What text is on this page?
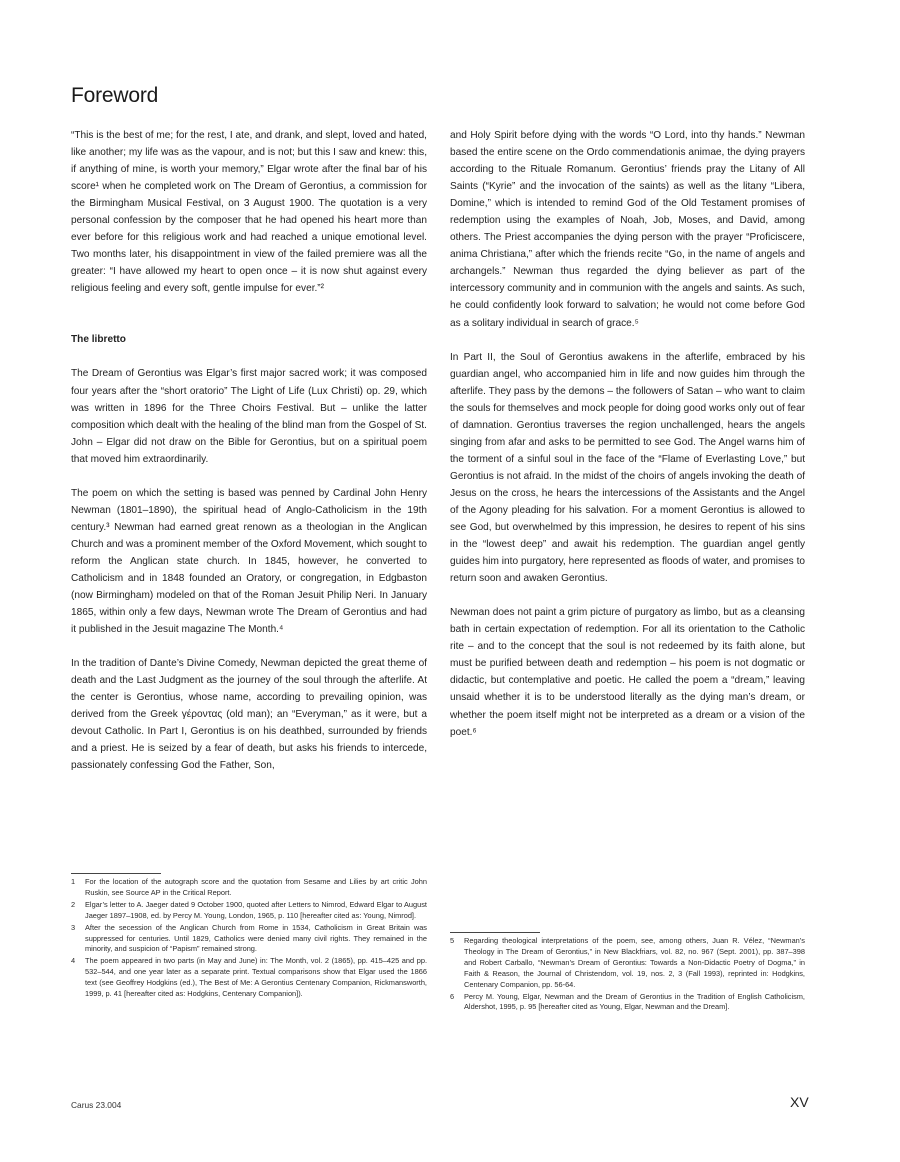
Foreword

“This is the best of me; for the rest, I ate, and drank, and slept, loved and hated, like another; my life was as the vapour, and is not; but this I saw and knew: this, if anything of mine, is worth your memory,” Elgar wrote after the final bar of his score¹ when he completed work on The Dream of Gerontius, a commission for the Birmingham Musical Festival, on 3 August 1900. The quotation is a very personal confession by the composer that he had opened his heart more than ever before for this religious work and had reached a unique emotional level. Two months later, his disappointment in view of the failed premiere was all the greater: “I have allowed my heart to open once – it is now shut against every religious feeling and every soft, gentle impulse for ever.”²

The libretto

The Dream of Gerontius was Elgar’s first major sacred work; it was composed four years after the “short oratorio” The Light of Life (Lux Christi) op. 29, which was written in 1896 for the Three Choirs Festival. But – unlike the latter composition which dealt with the healing of the blind man from the Gospel of St. John – Elgar did not draw on the Bible for Gerontius, but on a spiritual poem that moved him extraordinarily.

The poem on which the setting is based was penned by Cardinal John Henry Newman (1801–1890), the spiritual head of Anglo-Catholicism in the 19th century.³ Newman had earned great renown as a theologian in the Anglican Church and was a prominent member of the Oxford Movement, which sought to reform the Anglican state church. In 1845, however, he converted to Catholicism and in 1848 founded an Oratory, or congregation, in Edgbaston (now Birmingham) modeled on that of the Roman Jesuit Philip Neri. In January 1865, within only a few days, Newman wrote The Dream of Gerontius and had it published in the Jesuit magazine The Month.⁴

In the tradition of Dante’s Divine Comedy, Newman depicted the great theme of death and the Last Judgment as the journey of the soul through the afterlife. At the center is Gerontius, whose name, according to prevailing opinion, was derived from the Greek γέροντας (old man); an “Everyman,” as it were, but a devout Catholic. In Part I, Gerontius is on his deathbed, surrounded by friends and a priest. He is seized by a fear of death, but asks his friends to intercede, passionately confessing God the Father, Son,

and Holy Spirit before dying with the words “O Lord, into thy hands.” Newman based the entire scene on the Ordo commendationis animae, the dying prayers according to the Rituale Romanum. Gerontius’ friends pray the Litany of All Saints (“Kyrie” and the invocation of the saints) as well as the litany “Libera, Domine,” which is intended to remind God of the Old Testament promises of redemption using the examples of Noah, Job, Moses, and David, among others. The Priest accompanies the dying person with the prayer “Proficiscere, anima Christiana,” after which the friends recite “Go, in the name of angels and archangels.” Newman thus regarded the dying believer as part of the intercessory community and in communion with the angels and saints. As such, he could confidently look forward to salvation; he would not come before God as a solitary individual in search of grace.⁵

In Part II, the Soul of Gerontius awakens in the afterlife, embraced by his guardian angel, who accompanied him in life and now guides him through the afterlife. They pass by the demons – the followers of Satan – who want to claim the souls for themselves and mock people for doing good works only out of fear of damnation. Gerontius traverses the region unchallenged, hears the angels singing from afar and asks to be permitted to see God. The Angel warns him of the torment of a sinful soul in the face of the “Flame of Everlasting Love,” but Gerontius is not afraid. In the midst of the choirs of angels invoking the death of Jesus on the cross, he hears the intercessions of the Assistants and the Angel of the Agony pleading for his salvation. For a moment Gerontius is allowed to see God, but overwhelmed by this impression, he desires to repent of his sins in the “lowest deep” and await his redemption. The guardian angel gently guides him into purgatory, here represented as floods of water, and promises to return soon and awaken Gerontius.

Newman does not paint a grim picture of purgatory as limbo, but as a cleansing bath in certain expectation of redemption. For all its orientation to the Catholic rite – and to the concept that the soul is not redeemed by its faith alone, but must be purified between death and redemption – his poem is not dogmatic or didactic, but contemplative and poetic. He called the poem a “dream,” leaving unsaid whether it is to be understood literally as the dying man’s dream, or whether the poem itself might not be interpreted as a dream or a vision of the poet.⁶

1	For the location of the autograph score and the quotation from Sesame and Lilies by art critic John Ruskin, see Source AP in the Critical Report.
2	Elgar’s letter to A. Jaeger dated 9 October 1900, quoted after Letters to Nimrod, Edward Elgar to August Jaeger 1897–1908, ed. by Percy M. Young, London, 1965, p. 110 [hereafter cited as: Young, Nimrod].
3	After the secession of the Anglican Church from Rome in 1534, Catholicism in Great Britain was suppressed for centuries. Until 1829, Catholics were denied many civil rights. They remained in the minority, and suspicion of “Papism” remained strong.
4	The poem appeared in two parts (in May and June) in: The Month, vol. 2 (1865), pp. 415–425 and pp. 532–544, and one year later as a separate print. Textual comparisons show that Elgar used the 1866 text (see Geoffrey Hodgkins (ed.), The Best of Me: A Gerontius Centenary Companion, Rickmansworth, 1999, p. 41 [hereafter cited as: Hodgkins, Centenary Companion]).
5	Regarding theological interpretations of the poem, see, among others, Juan R. Vélez, “Newman’s Theology in The Dream of Gerontius,” in New Blackfriars, vol. 82, no. 967 (Sept. 2001), pp. 387–398 and Robert Carballo, “Newman’s Dream of Gerontius: Towards a Non-Didactic Poetry of Dogma,” in Faith & Reason, the Journal of Christendom, vol. 19, nos. 2, 3 (Fall 1993), reprinted in: Hodgkins, Centenary Companion, pp. 56-64.
6	Percy M. Young, Elgar, Newman and the Dream of Gerontius in the Tradition of English Catholicism, Aldershot, 1995, p. 95 [hereafter cited as Young, Elgar, Newman and the Dream].
Carus 23.004	XV
